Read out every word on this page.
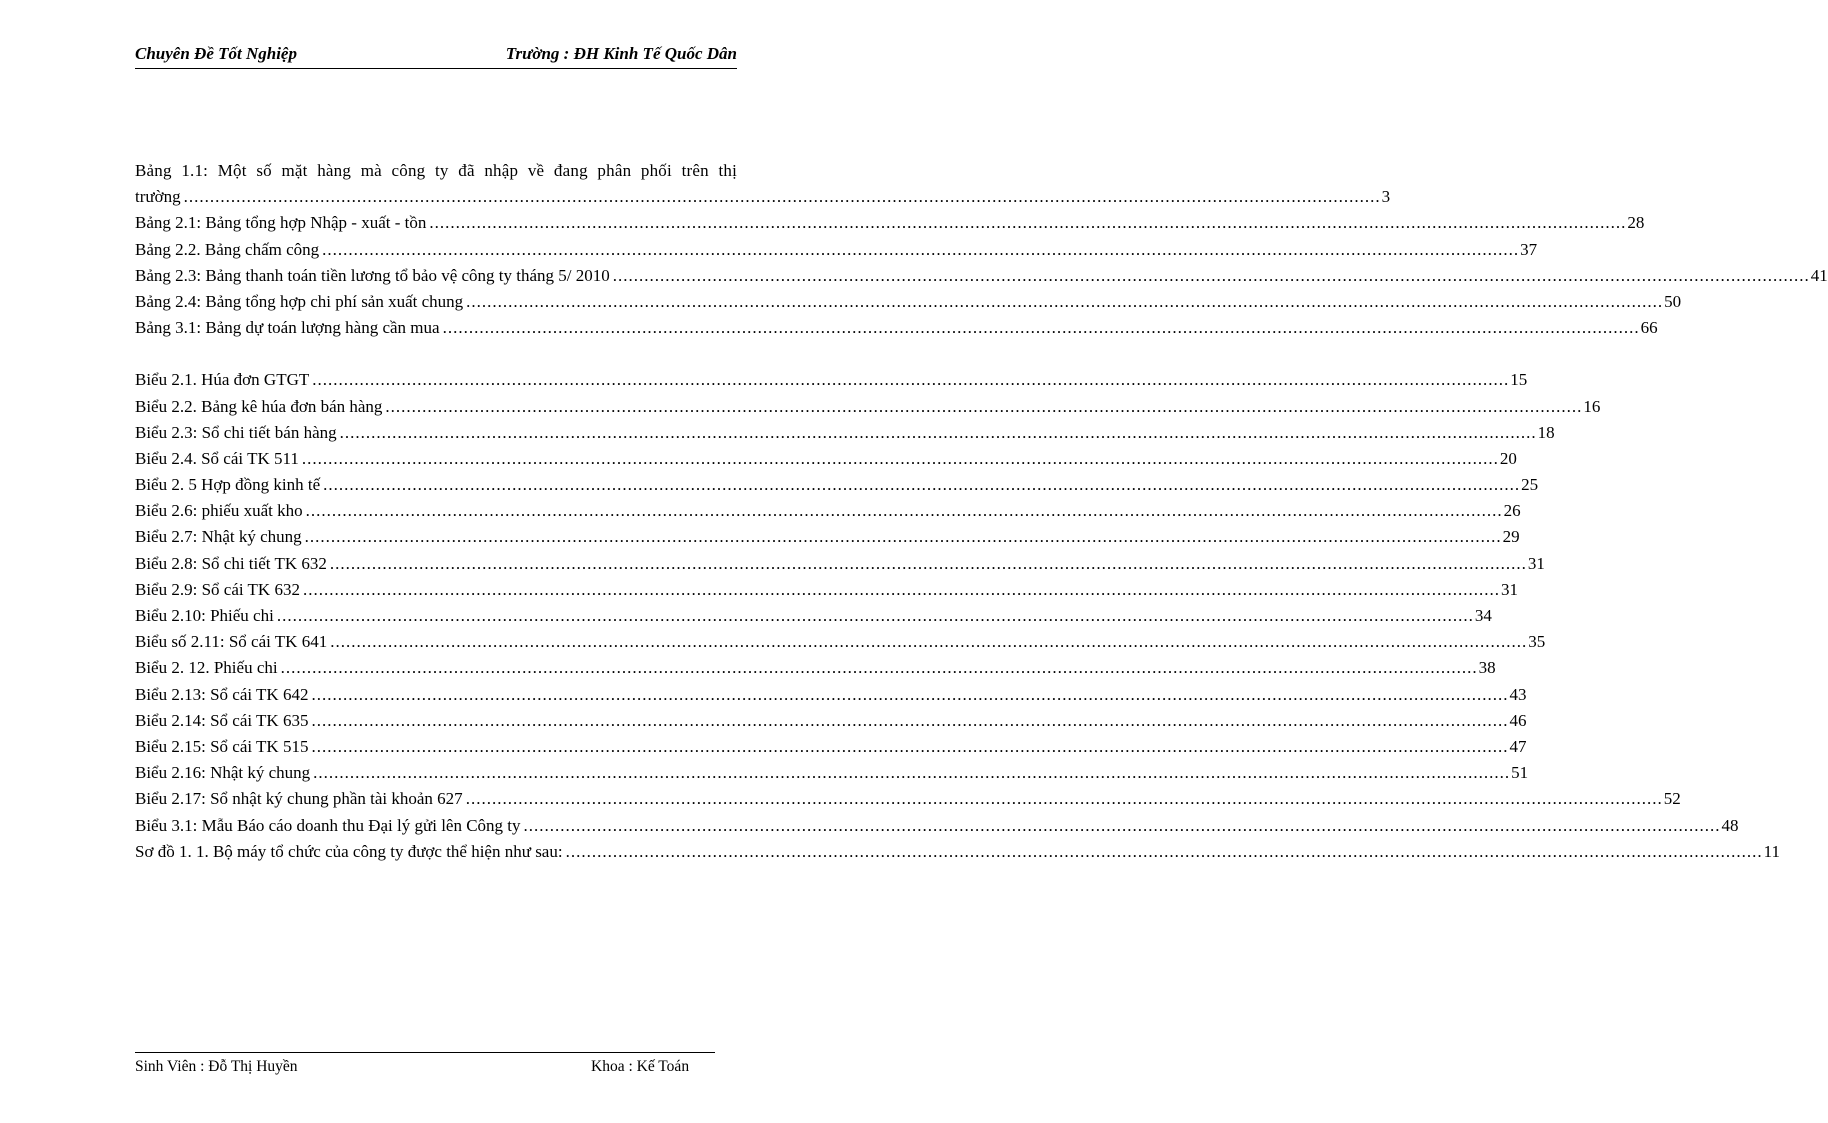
Chuyên Đề Tốt Nghiệp	Trường : ĐH Kinh Tế Quốc Dân
Bảng 1.1: Một số mặt hàng mà công ty đã nhập về đang phân phối trên thị
trường .....	3
Bảng 2.1: Bảng tổng hợp Nhập - xuất - tồn .....	28
Bảng 2.2. Bảng chấm công .....	37
Bảng 2.3: Bảng thanh toán tiền lương tổ bảo vệ công ty tháng 5/ 2010 .....	41
Bảng 2.4: Bảng tổng hợp chi phí sản xuất chung .....	50
Bảng 3.1: Bảng dự toán lượng hàng cần mua .....	66
Biểu 2.1. Húa đơn GTGT .....	15
Biểu 2.2. Bảng kê húa đơn bán hàng .....	16
Biểu 2.3: Sổ chi tiết bán hàng .....	18
Biểu 2.4. Sổ cái TK 511 .....	20
Biểu 2. 5 Hợp đồng kinh tế .....	25
Biểu 2.6: phiếu xuất kho .....	26
Biểu 2.7: Nhật ký chung .....	29
Biểu 2.8: Sổ chi tiết TK 632 .....	31
Biểu 2.9: Sổ cái TK 632 .....	31
Biểu 2.10: Phiếu chi .....	34
Biểu số 2.11: Sổ cái TK 641 .....	35
Biểu 2. 12. Phiếu chi .....	38
Biểu 2.13: Sổ cái TK 642 .....	43
Biểu 2.14: Sổ cái TK 635 .....	46
Biểu 2.15: Sổ cái TK 515 .....	47
Biểu 2.16: Nhật ký chung .....	51
Biểu 2.17: Sổ nhật ký chung phần tài khoản 627 .....	52
Biểu 3.1: Mẫu Báo cáo doanh thu Đại lý gửi lên Công ty .....	48
Sơ đồ 1. 1. Bộ máy tổ chức của công ty được thể hiện như sau: .....	11
Sinh Viên : Đỗ Thị Huyền	Khoa : Kế Toán
